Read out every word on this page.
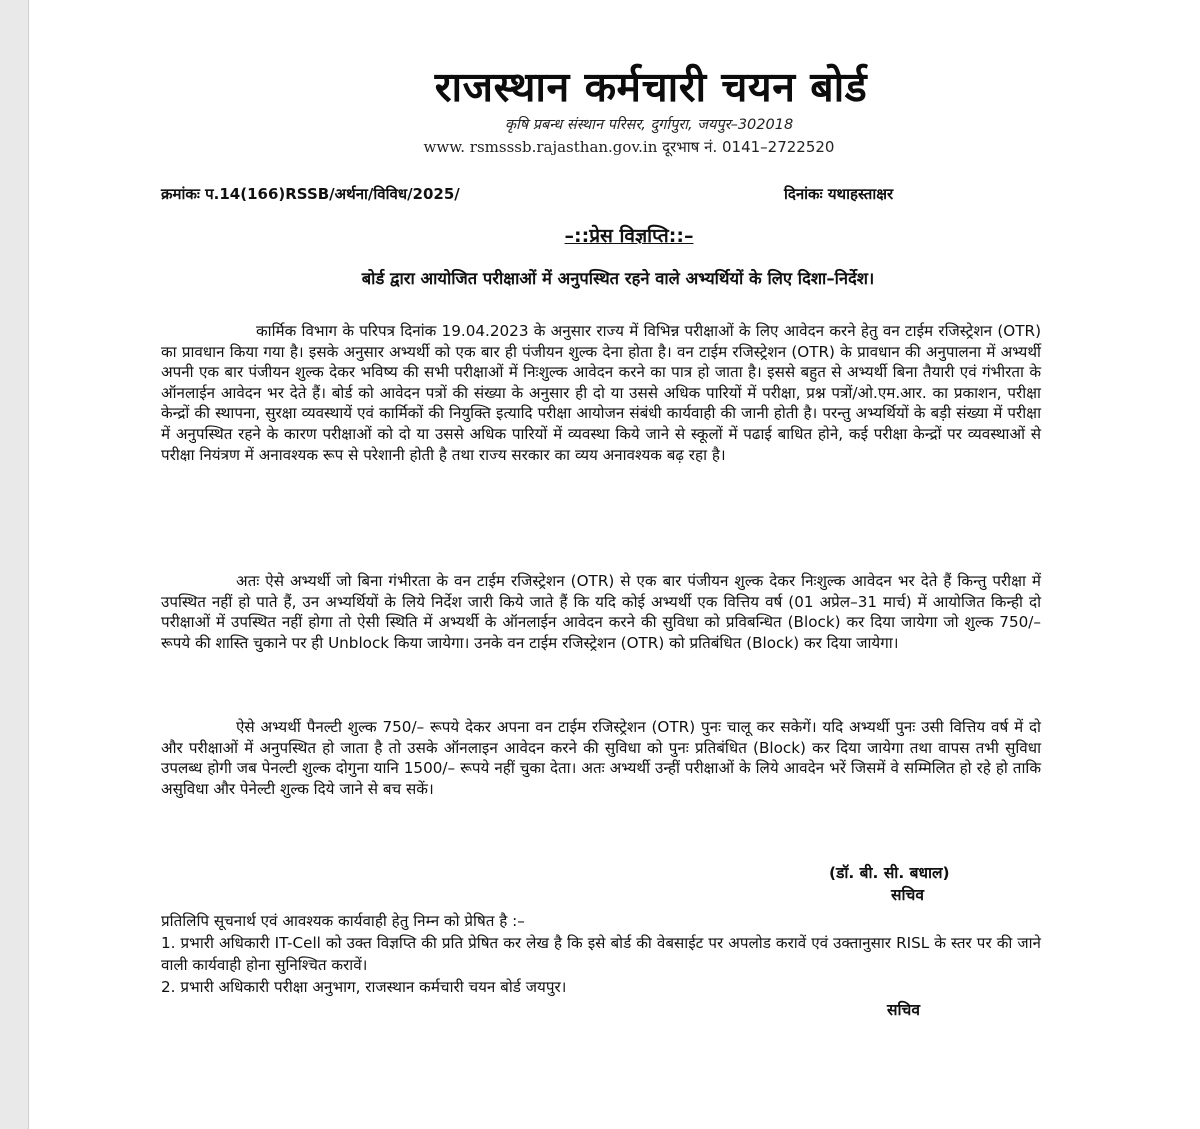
राजस्थान कर्मचारी चयन बोर्ड
कृषि प्रबन्ध संस्थान परिसर, दुर्गापुरा, जयपुर–302018
www. rsmsssb.rajasthan.gov.in दूरभाष नं. 0141–2722520
क्रमांकः प.14(166)RSSB/अर्थना/विविध/2025/	दिनांकः यथाहस्ताक्षर
–::प्रेस विज्ञप्ति::–
बोर्ड द्वारा आयोजित परीक्षाओं में अनुपस्थित रहने वाले अभ्यर्थियों के लिए दिशा–निर्देश।
कार्मिक विभाग के परिपत्र दिनांक 19.04.2023 के अनुसार राज्य में विभिन्न परीक्षाओं के लिए आवेदन करने हेतु वन टाईम रजिस्ट्रेशन (OTR) का प्रावधान किया गया है। इसके अनुसार अभ्यर्थी को एक बार ही पंजीयन शुल्क देना होता है। वन टाईम रजिस्ट्रेशन (OTR) के प्रावधान की अनुपालना में अभ्यर्थी अपनी एक बार पंजीयन शुल्क देकर भविष्य की सभी परीक्षाओं में निःशुल्क आवेदन करने का पात्र हो जाता है। इससे बहुत से अभ्यर्थी बिना तैयारी एवं गंभीरता के ऑनलाईन आवेदन भर देते हैं। बोर्ड को आवेदन पत्रों की संख्या के अनुसार ही दो या उससे अधिक पारियों में परीक्षा, प्रश्न पत्रों/ओ.एम.आर. का प्रकाशन, परीक्षा केन्द्रों की स्थापना, सुरक्षा व्यवस्थायें एवं कार्मिकों की नियुक्ति इत्यादि परीक्षा आयोजन संबंधी कार्यवाही की जानी होती है। परन्तु अभ्यर्थियों के बड़ी संख्या में परीक्षा में अनुपस्थित रहने के कारण परीक्षाओं को दो या उससे अधिक पारियों में व्यवस्था किये जाने से स्कूलों में पढाई बाधित होने, कई परीक्षा केन्द्रों पर व्यवस्थाओं से परीक्षा नियंत्रण में अनावश्यक रूप से परेशानी होती है तथा राज्य सरकार का व्यय अनावश्यक बढ़ रहा है।
अतः ऐसे अभ्यर्थी जो बिना गंभीरता के वन टाईम रजिस्ट्रेशन (OTR) से एक बार पंजीयन शुल्क देकर निःशुल्क आवेदन भर देते हैं किन्तु परीक्षा में उपस्थित नहीं हो पाते हैं, उन अभ्यर्थियों के लिये निर्देश जारी किये जाते हैं कि यदि कोई अभ्यर्थी एक वित्तिय वर्ष (01 अप्रेल–31 मार्च) में आयोजित किन्ही दो परीक्षाओं में उपस्थित नहीं होगा तो ऐसी स्थिति में अभ्यर्थी के ऑनलाईन आवेदन करने की सुविधा को प्रविबन्धित (Block) कर दिया जायेगा जो शुल्क 750/– रूपये की शास्ति चुकाने पर ही Unblock किया जायेगा। उनके वन टाईम रजिस्ट्रेशन (OTR) को प्रतिबंधित (Block) कर दिया जायेगा।
ऐसे अभ्यर्थी पैनल्टी शुल्क 750/– रूपये देकर अपना वन टाईम रजिस्ट्रेशन (OTR) पुनः चालू कर सकेगें। यदि अभ्यर्थी पुनः उसी वित्तिय वर्ष में दो और परीक्षाओं में अनुपस्थित हो जाता है तो उसके ऑनलाइन आवेदन करने की सुविधा को पुनः प्रतिबंधित (Block) कर दिया जायेगा तथा वापस तभी सुविधा उपलब्ध होगी जब पेनल्टी शुल्क दोगुना यानि 1500/– रूपये नहीं चुका देता। अतः अभ्यर्थी उन्हीं परीक्षाओं के लिये आवदेन भरें जिसमें वे सम्मिलित हो रहे हो ताकि असुविधा और पेनेल्टी शुल्क दिये जाने से बच सकें।
(डॉ. बी. सी. बधाल)
सचिव
प्रतिलिपि सूचनार्थ एवं आवश्यक कार्यवाही हेतु निम्न को प्रेषित है :–
1. प्रभारी अधिकारी IT-Cell को उक्त विज्ञप्ति की प्रति प्रेषित कर लेख है कि इसे बोर्ड की वेबसाईट पर अपलोड करावें एवं उक्तानुसार RISL के स्तर पर की जाने वाली कार्यवाही होना सुनिश्चित करावें।
2. प्रभारी अधिकारी परीक्षा अनुभाग, राजस्थान कर्मचारी चयन बोर्ड जयपुर।
सचिव
